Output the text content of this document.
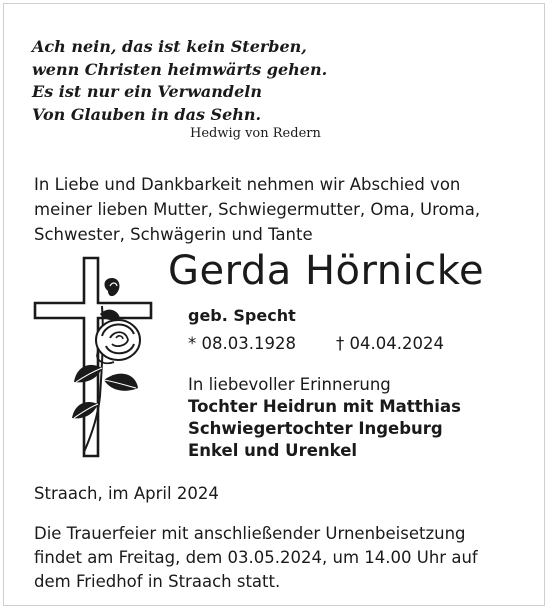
Ach nein, das ist kein Sterben,
wenn Christen heimwärts gehen.
Es ist nur ein Verwandeln
Von Glauben in das Sehn.
Hedwig von Redern
In Liebe und Dankbarkeit nehmen wir Abschied von
meiner lieben Mutter, Schwiegermutter, Oma, Uroma,
Schwester, Schwägerin und Tante
Gerda Hörnicke
geb. Specht
* 08.03.1928 † 04.04.2024
In liebevoller Erinnerung
Tochter Heidrun mit Matthias
Schwiegertochter Ingeburg
Enkel und Urenkel
Straach, im April 2024
Die Trauerfeier mit anschließender Urnenbeisetzung
findet am Freitag, dem 03.05.2024, um 14.00 Uhr auf
dem Friedhof in Straach statt.
